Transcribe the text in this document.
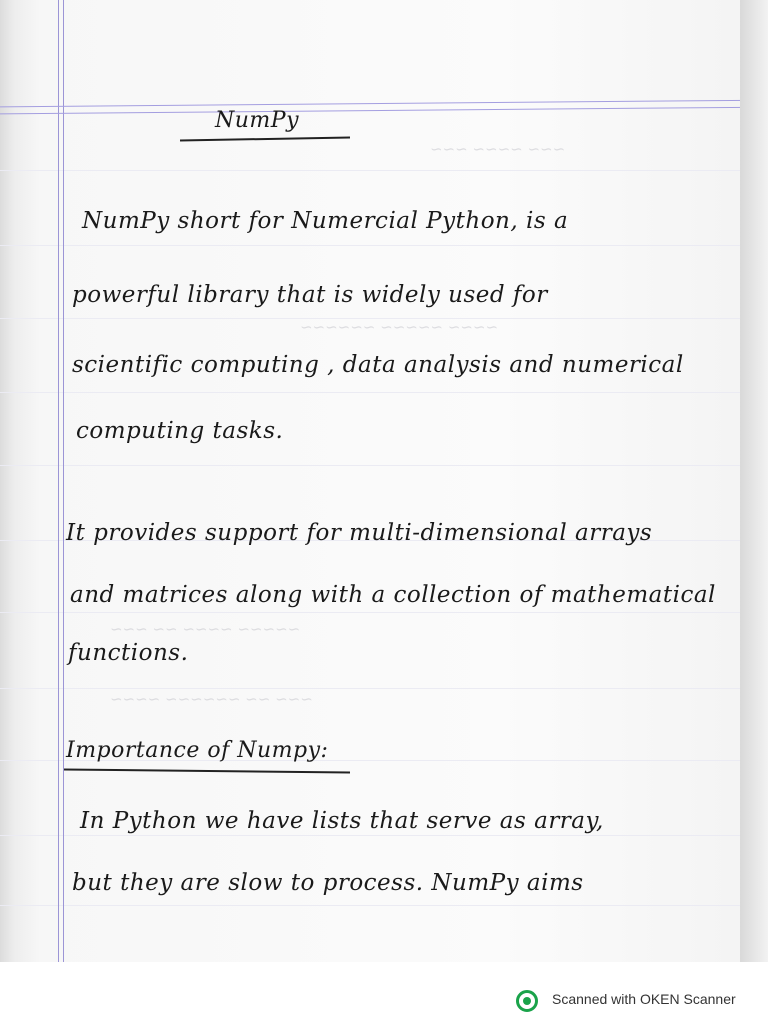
~~~ ~~~~ ~~~
~~~~ ~~~~~ ~~~~~~
~~~~~ ~~~~ ~~ ~~~
~~~ ~~ ~~~~~~ ~~~~
NumPy
NumPy short for Numercial Python, is a
powerful library that is widely used for
scientific computing , data analysis and numerical
computing tasks.
It provides support for multi-dimensional arrays
and matrices along with a collection of mathematical
functions.
Importance of Numpy:
In Python we have lists that serve as array,
but they are slow to process. NumPy aims
Scanned with OKEN Scanner
